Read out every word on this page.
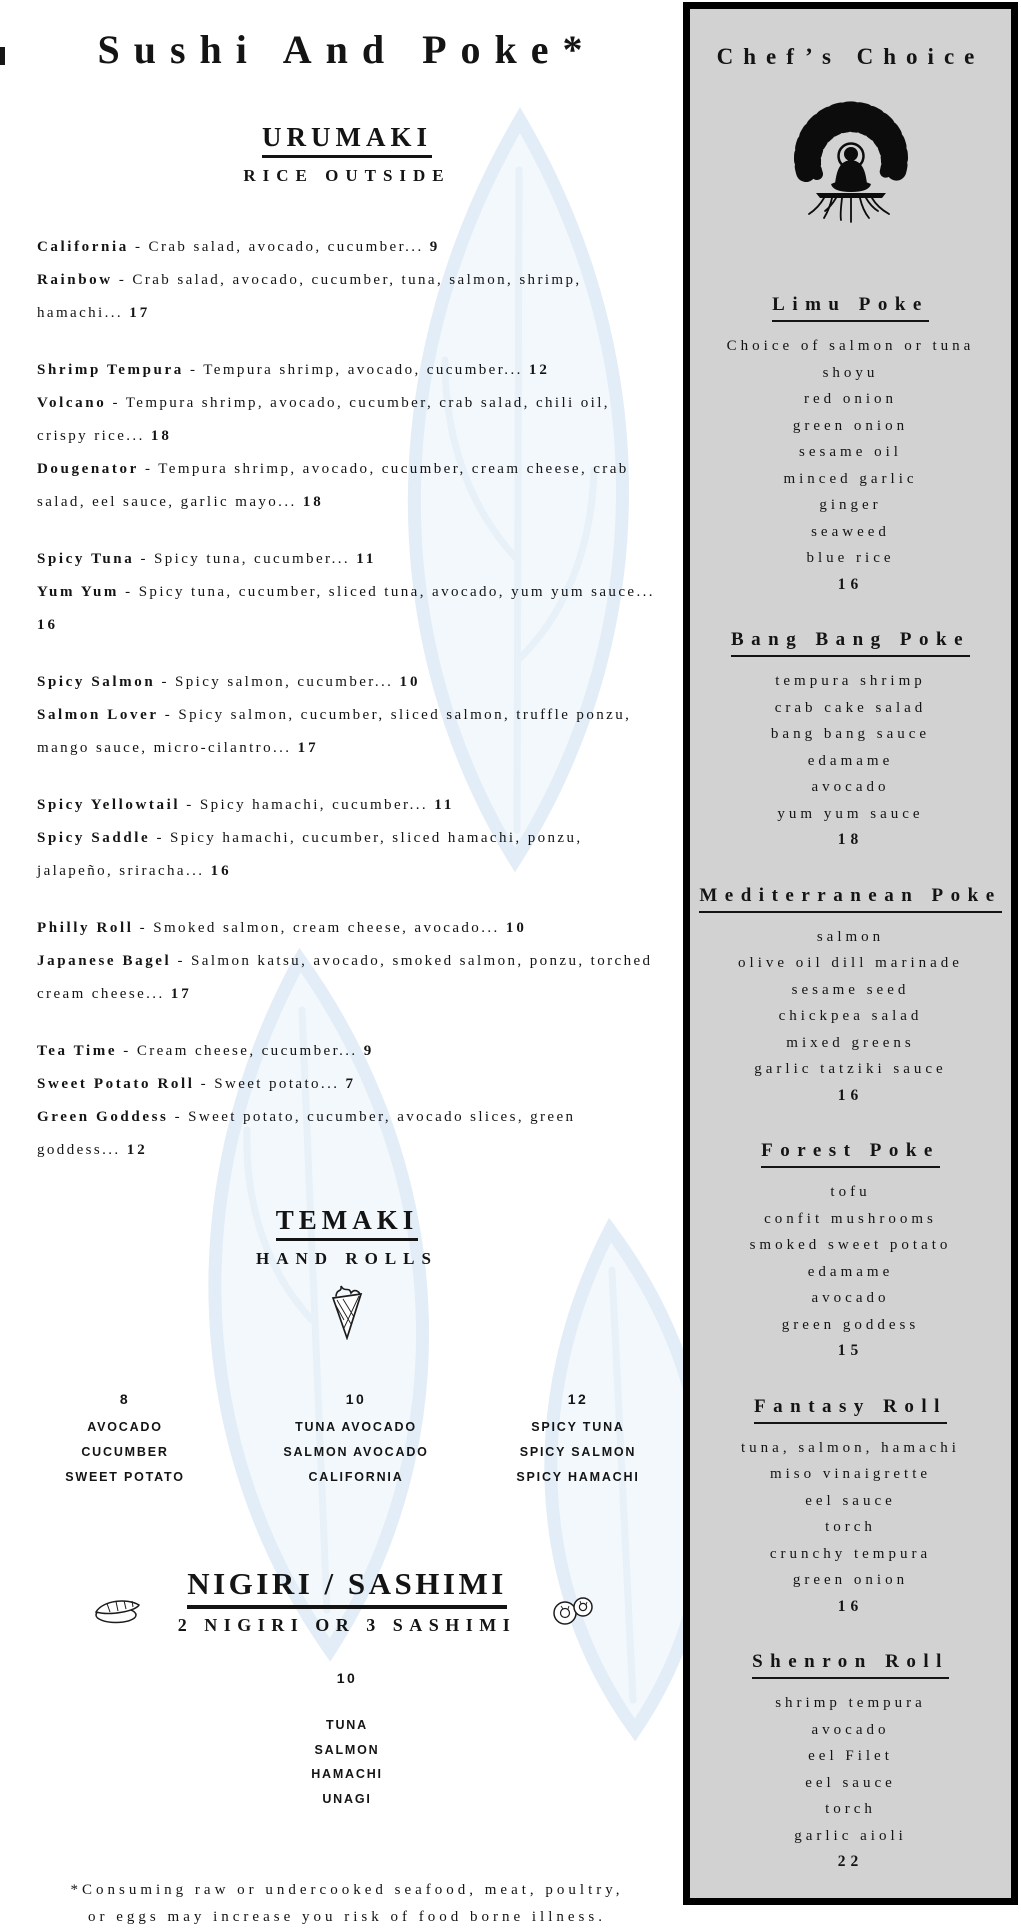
Sushi And Poke*
URUMAKI
RICE OUTSIDE
California - Crab salad, avocado, cucumber... 9
Rainbow - Crab salad, avocado, cucumber, tuna, salmon, shrimp, hamachi... 17
Shrimp Tempura - Tempura shrimp, avocado, cucumber... 12
Volcano - Tempura shrimp, avocado, cucumber, crab salad, chili oil, crispy rice... 18
Dougenator - Tempura shrimp, avocado, cucumber, cream cheese, crab salad, eel sauce, garlic mayo... 18
Spicy Tuna - Spicy tuna, cucumber... 11
Yum Yum - Spicy tuna, cucumber, sliced tuna, avocado, yum yum sauce... 16
Spicy Salmon - Spicy salmon, cucumber... 10
Salmon Lover - Spicy salmon, cucumber, sliced salmon, truffle ponzu, mango sauce, micro-cilantro... 17
Spicy Yellowtail - Spicy hamachi, cucumber... 11
Spicy Saddle - Spicy hamachi, cucumber, sliced hamachi, ponzu, jalapeño, sriracha... 16
Philly Roll - Smoked salmon, cream cheese, avocado... 10
Japanese Bagel - Salmon katsu, avocado, smoked salmon, ponzu, torched cream cheese... 17
Tea Time - Cream cheese, cucumber... 9
Sweet Potato Roll - Sweet potato... 7
Green Goddess - Sweet potato, cucumber, avocado slices, green goddess... 12
TEMAKI
HAND ROLLS
8
AVOCADO
CUCUMBER
SWEET POTATO
10
TUNA AVOCADO
SALMON AVOCADO
CALIFORNIA
12
SPICY TUNA
SPICY SALMON
SPICY HAMACHI
NIGIRI / SASHIMI
2 NIGIRI OR 3 SASHIMI
10
TUNA
SALMON
HAMACHI
UNAGI
*Consuming raw or undercooked seafood, meat, poultry,
or eggs may increase you risk of food borne illness.
Chef’s Choice
Limu Poke
Choice of salmon or tuna
shoyu
red onion
green onion
sesame oil
minced garlic
ginger
seaweed
blue rice
16
Bang Bang Poke
tempura shrimp
crab cake salad
bang bang sauce
edamame
avocado
yum yum sauce
18
Mediterranean Poke
salmon
olive oil dill marinade
sesame seed
chickpea salad
mixed greens
garlic tatziki sauce
16
Forest Poke
tofu
confit mushrooms
smoked sweet potato
edamame
avocado
green goddess
15
Fantasy Roll
tuna, salmon, hamachi
miso vinaigrette
eel sauce
torch
crunchy tempura
green onion
16
Shenron Roll
shrimp tempura
avocado
eel Filet
eel sauce
torch
garlic aioli
22
